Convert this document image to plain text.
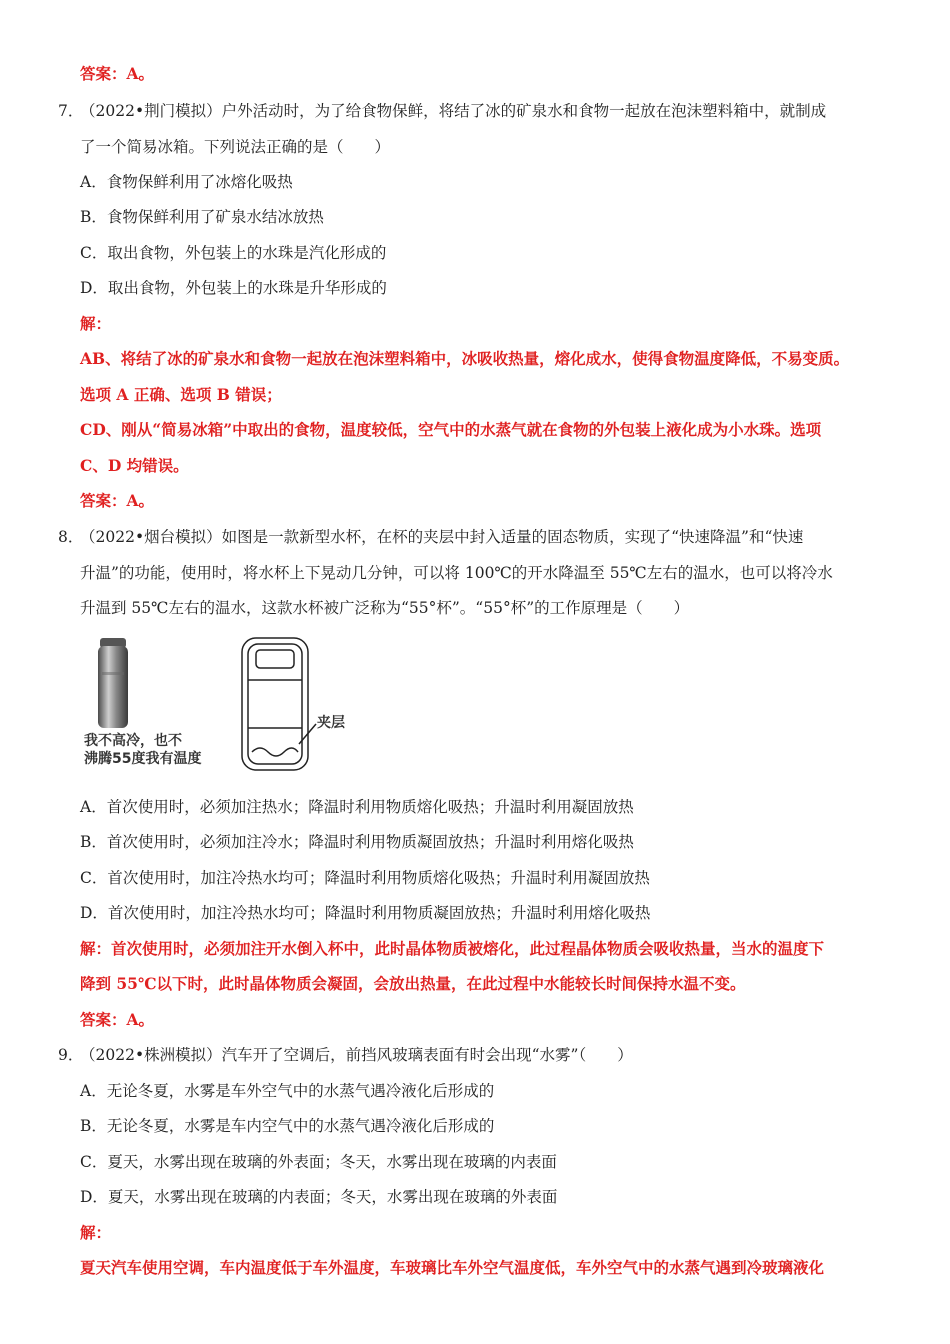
答案：A。
7．
（2022•荆门模拟）户外活动时，为了给食物保鲜，将结了冰的矿泉水和食物一起放在泡沫塑料箱中，就制成
了一个简易冰箱。下列说法正确的是（　　）
A．食物保鲜利用了冰熔化吸热
B．食物保鲜利用了矿泉水结冰放热
C．取出食物，外包装上的水珠是汽化形成的
D．取出食物，外包装上的水珠是升华形成的
解：
AB、将结了冰的矿泉水和食物一起放在泡沫塑料箱中，冰吸收热量，熔化成水，使得食物温度降低，不易变质。
选项 A 正确、选项 B 错误；
CD、刚从“简易冰箱”中取出的食物，温度较低，空气中的水蒸气就在食物的外包装上液化成为小水珠。选项
C、D 均错误。
答案：A。
8．
（2022•烟台模拟）如图是一款新型水杯，在杯的夹层中封入适量的固态物质，实现了“快速降温”和“快速
升温”的功能，使用时，将水杯上下晃动几分钟，可以将 100℃的开水降温至 55℃左右的温水，也可以将冷水
升温到 55℃左右的温水，这款水杯被广泛称为“55°杯”。“55°杯”的工作原理是（　　）
夹层
我不高冷，也不
沸腾55度我有温度
A．首次使用时，必须加注热水；降温时利用物质熔化吸热；升温时利用凝固放热
B．首次使用时，必须加注冷水；降温时利用物质凝固放热；升温时利用熔化吸热
C．首次使用时，加注冷热水均可；降温时利用物质熔化吸热；升温时利用凝固放热
D．首次使用时，加注冷热水均可；降温时利用物质凝固放热；升温时利用熔化吸热
解：首次使用时，必须加注开水倒入杯中，此时晶体物质被熔化，此过程晶体物质会吸收热量，当水的温度下
降到 55℃以下时，此时晶体物质会凝固，会放出热量，在此过程中水能较长时间保持水温不变。
答案：A。
9．
（2022•株洲模拟）汽车开了空调后，前挡风玻璃表面有时会出现“水雾”（　　）
A．无论冬夏，水雾是车外空气中的水蒸气遇冷液化后形成的
B．无论冬夏，水雾是车内空气中的水蒸气遇冷液化后形成的
C．夏天，水雾出现在玻璃的外表面；冬天，水雾出现在玻璃的内表面
D．夏天，水雾出现在玻璃的内表面；冬天，水雾出现在玻璃的外表面
解：
夏天汽车使用空调，车内温度低于车外温度，车玻璃比车外空气温度低，车外空气中的水蒸气遇到冷玻璃液化
